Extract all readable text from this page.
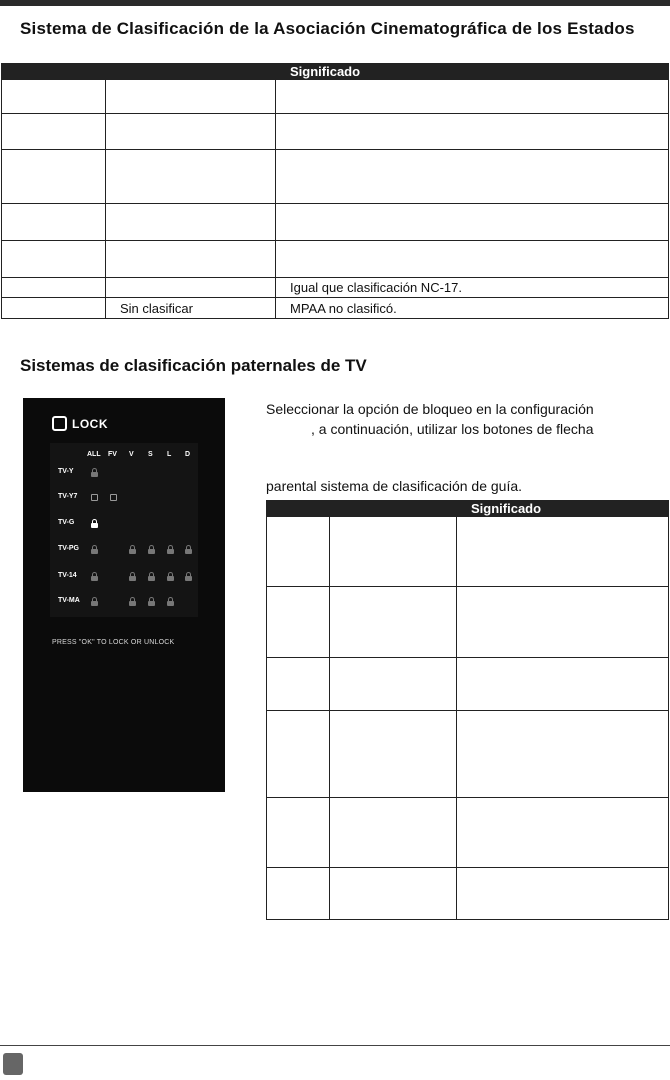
Sistema de Clasificación de la Asociación Cinematográfica de los Estados
		Significado

		Igual que clasificación NC-17.
	Sin clasificar	MPAA no clasificó.
Sistemas de clasificación paternales de TV
LOCK
ALL FV V S L D
TV-Y
TV-Y7
TV-G
TV-PG
TV-14
TV-MA
PRESS "OK" TO LOCK OR UNLOCK
Seleccionar la opción de bloqueo en la configuración
, a continuación, utilizar los botones de flecha
parental sistema de clasificación de guía.
		Significado
